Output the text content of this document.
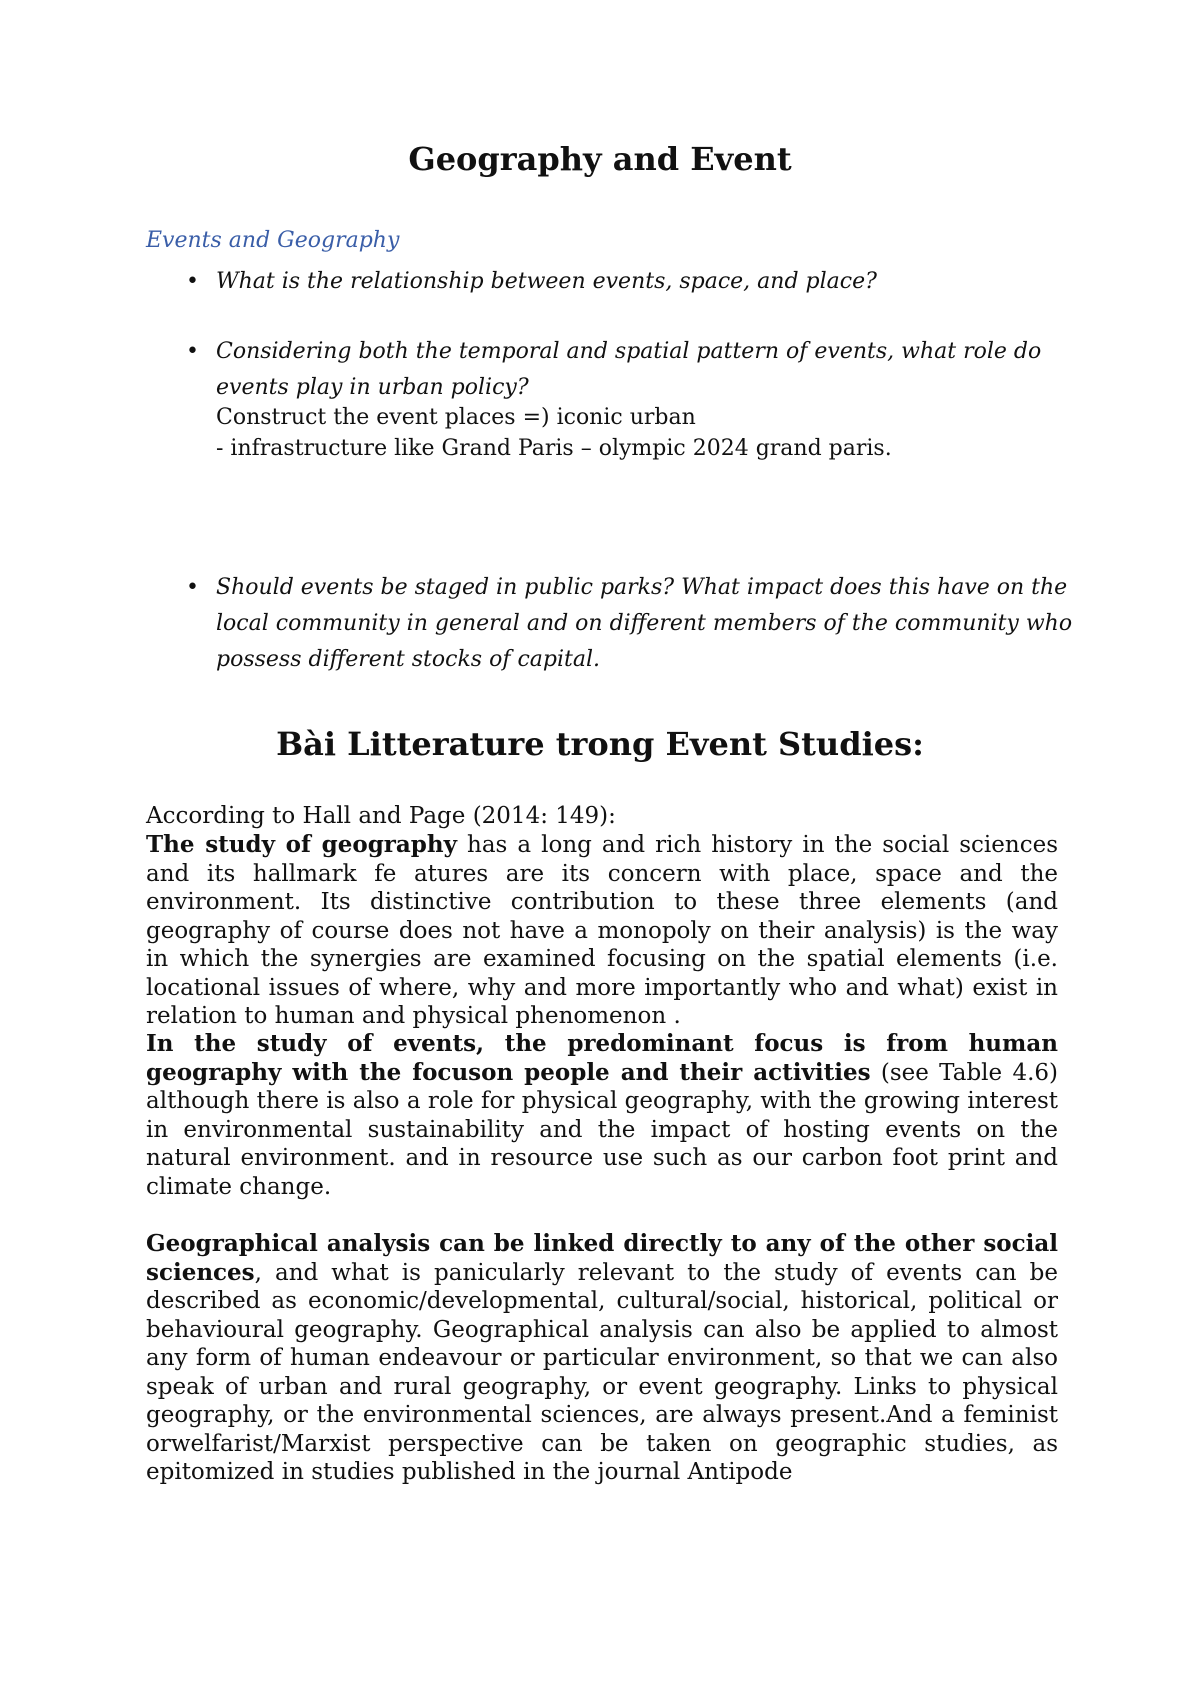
Geography and Event

Events and Geography

• What is the relationship between events, space, and place?
• Considering both the temporal and spatial pattern of events, what role do events play in urban policy?
Construct the event places =) iconic urban
- infrastructure like Grand Paris – olympic 2024 grand paris.
• Should events be staged in public parks? What impact does this have on the local community in general and on different members of the community who possess different stocks of capital.
Bài Litterature trong Event Studies:

According to Hall and Page (2014: 149):

The study of geography has a long and rich history in the social sciences and its hallmark fe atures are its concern with place, space and the environment. Its distinctive contribution to these three elements (and geography of course does not have a monopoly on their analysis) is the way in which the synergies are examined focusing on the spatial elements (i.e. locational issues of where, why and more importantly who and what) exist in relation to human and physical phenomenon .

In the study of events, the predominant focus is from human geography with the focuson people and their activities (see Table 4.6) although there is also a role for physical geography, with the growing interest in environmental sustainability and the impact of hosting events on the natural environment. and in resource use such as our carbon foot print and climate change.

Geographical analysis can be linked directly to any of the other social sciences, and what is panicularly relevant to the study of events can be described as economic/developmental, cultural/social, historical, political or behavioural geography. Geographical analysis can also be applied to almost any form of human endeavour or particular environment, so that we can also speak of urban and rural geography, or event geography. Links to physical geography, or the environmental sciences, are always present.And a feminist orwelfarist/Marxist perspective can be taken on geographic studies, as epitomized in studies published in the journal Antipode
